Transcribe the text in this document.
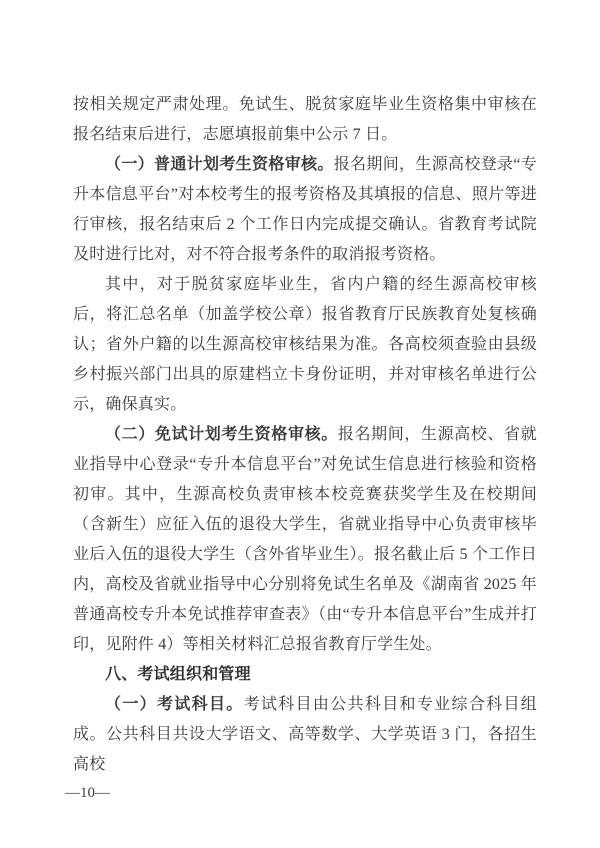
按相关规定严肃处理。免试生、脱贫家庭毕业生资格集中审核在报名结束后进行，志愿填报前集中公示 7 日。

（一）普通计划考生资格审核。报名期间，生源高校登录“专升本信息平台”对本校考生的报考资格及其填报的信息、照片等进行审核，报名结束后 2 个工作日内完成提交确认。省教育考试院及时进行比对，对不符合报考条件的取消报考资格。

其中，对于脱贫家庭毕业生，省内户籍的经生源高校审核后，将汇总名单（加盖学校公章）报省教育厅民族教育处复核确认；省外户籍的以生源高校审核结果为准。各高校须查验由县级乡村振兴部门出具的原建档立卡身份证明，并对审核名单进行公示，确保真实。

（二）免试计划考生资格审核。报名期间，生源高校、省就业指导中心登录“专升本信息平台”对免试生信息进行核验和资格初审。其中，生源高校负责审核本校竞赛获奖学生及在校期间（含新生）应征入伍的退役大学生，省就业指导中心负责审核毕业后入伍的退役大学生（含外省毕业生）。报名截止后 5 个工作日内，高校及省就业指导中心分别将免试生名单及《湖南省 2025 年普通高校专升本免试推荐审查表》（由“专升本信息平台”生成并打印，见附件 4）等相关材料汇总报省教育厅学生处。

八、考试组织和管理

（一）考试科目。考试科目由公共科目和专业综合科目组成。公共科目共设大学语文、高等数学、大学英语 3 门，各招生高校

—10—
